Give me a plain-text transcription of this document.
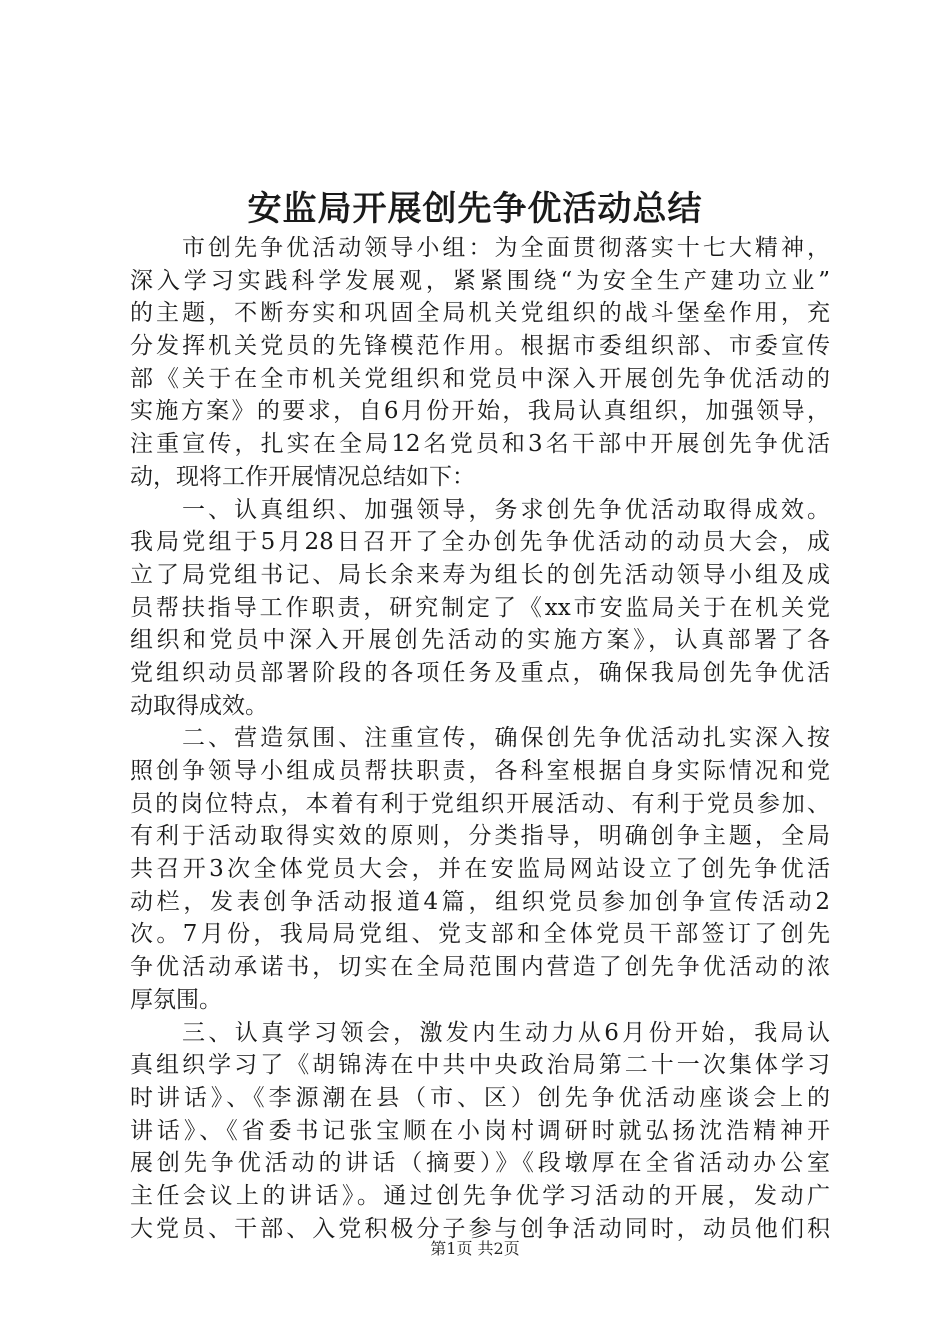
安监局开展创先争优活动总结
市创先争优活动领导小组：为全面贯彻落实十七大精神，
深入学习实践科学发展观，紧紧围绕“为安全生产建功立业”
的主题，不断夯实和巩固全局机关党组织的战斗堡垒作用，充
分发挥机关党员的先锋模范作用。根据市委组织部、市委宣传
部《关于在全市机关党组织和党员中深入开展创先争优活动的
实施方案》的要求，自6月份开始，我局认真组织，加强领导，
注重宣传，扎实在全局12名党员和3名干部中开展创先争优活
动，现将工作开展情况总结如下：
一、认真组织、加强领导，务求创先争优活动取得成效。
我局党组于5月28日召开了全办创先争优活动的动员大会，成
立了局党组书记、局长余来寿为组长的创先活动领导小组及成
员帮扶指导工作职责，研究制定了《xx市安监局关于在机关党
组织和党员中深入开展创先活动的实施方案》，认真部署了各
党组织动员部署阶段的各项任务及重点，确保我局创先争优活
动取得成效。
二、营造氛围、注重宣传，确保创先争优活动扎实深入按
照创争领导小组成员帮扶职责，各科室根据自身实际情况和党
员的岗位特点，本着有利于党组织开展活动、有利于党员参加、
有利于活动取得实效的原则，分类指导，明确创争主题，全局
共召开3次全体党员大会，并在安监局网站设立了创先争优活
动栏，发表创争活动报道4篇，组织党员参加创争宣传活动2
次。7月份，我局局党组、党支部和全体党员干部签订了创先
争优活动承诺书，切实在全局范围内营造了创先争优活动的浓
厚氛围。
三、认真学习领会，激发内生动力从6月份开始，我局认
真组织学习了《胡锦涛在中共中央政治局第二十一次集体学习
时讲话》、《李源潮在县（市、区）创先争优活动座谈会上的
讲话》、《省委书记张宝顺在小岗村调研时就弘扬沈浩精神开
展创先争优活动的讲话（摘要）》《段墩厚在全省活动办公室
主任会议上的讲话》。通过创先争优学习活动的开展，发动广
大党员、干部、入党积极分子参与创争活动同时，动员他们积
第1页 共2页
